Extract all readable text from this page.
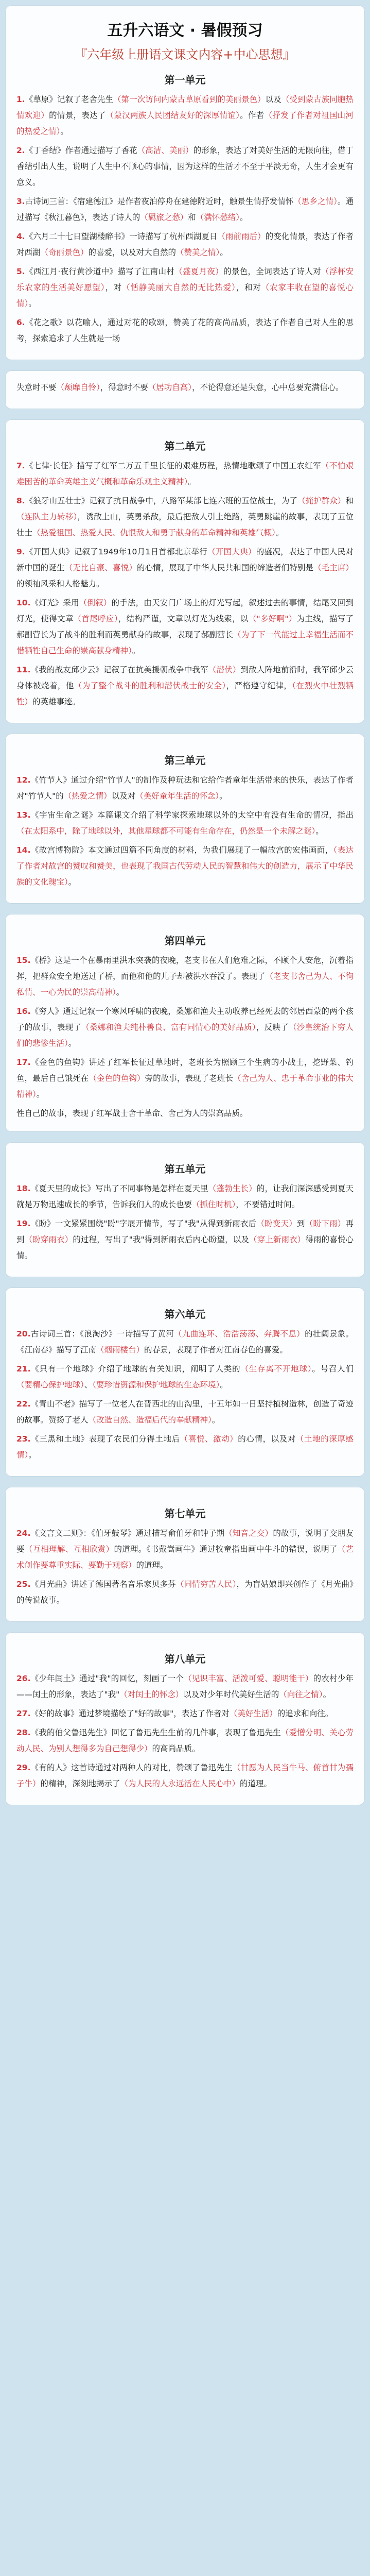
五升六语文 · 暑假预习
『六年级上册语文课文内容+中心思想』
第一单元

1.《草原》记叙了老舍先生（第一次访问内蒙古草原看到的美丽景色）以及（受到蒙古族同胞热情欢迎）的情景，表达了（蒙汉两族人民团结友好的深厚情谊）。作者（抒发了作者对祖国山河的热爱之情）。

2.《丁香结》作者通过描写了香花（高洁、美丽）的形象，表达了对美好生活的无限向往，借丁香结引出人生，说明了人生中不顺心的事情，因为这样的生活才不至于平淡无奇，人生才会更有意义。

3.古诗词三首：《宿建德江》是作者夜泊停舟在建德附近时，触景生情抒发情怀（思乡之情）。通过描写《秋江暮色》，表达了诗人的（羁旅之愁）和（满怀愁绪）。

4.《六月二十七日望湖楼醉书》一诗描写了杭州西湖夏日（雨前雨后）的变化情景，表达了作者对西湖（奇丽景色）的喜爱，以及对大自然的（赞美之情）。

5.《西江月·夜行黄沙道中》描写了江南山村（盛夏月夜）的景色，全词表达了诗人对（浮杯安乐农家的生活美好愿望），对（恬静美丽大自然的无比热爱），和对（农家丰收在望的喜悦心情）。

6.《花之歌》以花喻人，通过对花的歌颂，赞美了花的高尚品质，表达了作者自己对人生的思考，探索追求了人生就是一场

失意时不要（颓靡自怜），得意时不要（居功自高），不论得意还是失意，心中总要充满信心。

第二单元

7.《七律·长征》描写了红军二万五千里长征的艰难历程，热情地歌颂了中国工农红军（不怕艰难困苦的革命英雄主义气概和革命乐观主义精神）。

8.《狼牙山五壮士》记叙了抗日战争中，八路军某部七连六班的五位战士，为了（掩护群众）和（连队主力转移），诱敌上山，英勇杀敌，最后把敌人引上绝路，英勇跳崖的故事，表现了五位壮士（热爱祖国、热爱人民、仇恨敌人和勇于献身的革命精神和英雄气概）。

9.《开国大典》记叙了1949年10月1日首都北京举行（开国大典）的盛况，表达了中国人民对新中国的诞生（无比自豪、喜悦）的心情，展现了中华人民共和国的缔造者们特别是（毛主席）的领袖风采和人格魅力。

10.《灯光》采用（倒叙）的手法，由天安门广场上的灯光写起，叙述过去的事情，结尾又回到灯光，使得文章（首尾呼应），结构严谨，文章以灯光为线索，以（"多好啊"）为主线，描写了郝副营长为了战斗的胜利而英勇献身的故事，表现了郝副营长（为了下一代能过上幸福生活而不惜牺牲自己生命的崇高献身精神）。

11.《我的战友邱少云》记叙了在抗美援朝战争中我军（潜伏）到敌人阵地前沿时，我军邱少云身体被烧着，他（为了整个战斗的胜利和潜伏战士的安全），严格遵守纪律，（在烈火中壮烈牺牲）的英雄事迹。

第三单元

12.《竹节人》通过介绍"竹节人"的制作及种玩法和它给作者童年生活带来的快乐，表达了作者对"竹节人"的（热爱之情）以及对（美好童年生活的怀念）。

13.《宇宙生命之谜》本篇课文介绍了科学家探索地球以外的太空中有没有生命的情况，指出（在太阳系中，除了地球以外，其他星球都不可能有生命存在，仍然是一个未解之谜）。

14.《故宫博物院》本文通过四篇不同角度的材料，为我们展现了一幅故宫的宏伟画面，（表达了作者对故宫的赞叹和赞美，也表现了我国古代劳动人民的智慧和伟大的创造力，展示了中华民族的文化瑰宝）。

第四单元

15.《桥》这是一个在暴雨里洪水突袭的夜晚，老支书在人们危难之际，不顾个人安危，沉着指挥，把群众安全地送过了桥，而他和他的儿子却被洪水吞没了。表现了（老支书舍己为人、不徇私情、一心为民的崇高精神）。

16.《穷人》通过记叙一个寒风呼啸的夜晚，桑娜和渔夫主动收养已经死去的邻居西蒙的两个孩子的故事，表现了（桑娜和渔夫纯朴善良、富有同情心的美好品质），反映了（沙皇统治下穷人们的悲惨生活）。

17.《金色的鱼钩》讲述了红军长征过草地时，老班长为照顾三个生病的小战士，挖野菜、钓鱼，最后自己饿死在（金色的鱼钩）旁的故事，表现了老班长（舍己为人、忠于革命事业的伟大精神）。

性自己的故事，表现了红军战士舍干革命、舍己为人的崇高品质。

第五单元

18.《夏天里的成长》写出了不同事物是怎样在夏天里（蓬勃生长）的，让我们深深感受到夏天就是万物迅速成长的季节，告诉我们人的成长也要（抓住时机），不要错过时间。

19.《盼》一文紧紧围绕"盼"字展开情节，写了"我"从得到新雨衣后（盼变天）到（盼下雨）再到（盼穿雨衣）的过程，写出了"我"得到新雨衣后内心盼望，以及（穿上新雨衣）得雨的喜悦心情。

第六单元

20.古诗词三首：《浪淘沙》一诗描写了黄河（九曲连环、浩浩荡荡、奔腾不息）的壮阔景象。《江南春》描写了江南（烟雨楼台）的春景，表现了作者对江南春色的喜爱。

21.《只有一个地球》介绍了地球的有关知识，阐明了人类的（生存离不开地球）。号召人们（要精心保护地球）、（要珍惜资源和保护地球的生态环境）。

22.《青山不老》描写了一位老人在晋西北的山沟里，十五年如一日坚持植树造林，创造了奇迹的故事。赞扬了老人（改造自然、造福后代的奉献精神）。

23.《三黑和土地》表现了农民们分得土地后（喜悦、激动）的心情，以及对（土地的深厚感情）。

第七单元

24.《文言文二则》：《伯牙鼓琴》通过描写俞伯牙和钟子期（知音之交）的故事，说明了交朋友要（互相理解、互相欣赏）的道理。《书戴嵩画牛》通过牧童指出画中牛斗的错误，说明了（艺术创作要尊重实际、要勤于观察）的道理。

25.《月光曲》讲述了德国著名音乐家贝多芬（同情穷苦人民），为盲姑娘即兴创作了《月光曲》的传说故事。

第八单元

26.《少年闰土》通过"我"的回忆，刻画了一个（见识丰富、活泼可爱、聪明能干）的农村少年——闰土的形象，表达了"我"（对闰土的怀念）以及对少年时代美好生活的（向往之情）。

27.《好的故事》通过梦境描绘了"好的故事"，表达了作者对（美好生活）的追求和向往。

28.《我的伯父鲁迅先生》回忆了鲁迅先生生前的几件事，表现了鲁迅先生（爱憎分明、关心劳动人民、为别人想得多为自己想得少）的高尚品质。

29.《有的人》这首诗通过对两种人的对比，赞颂了鲁迅先生（甘愿为人民当牛马、俯首甘为孺子牛）的精神，深刻地揭示了（为人民的人永远活在人民心中）的道理。
